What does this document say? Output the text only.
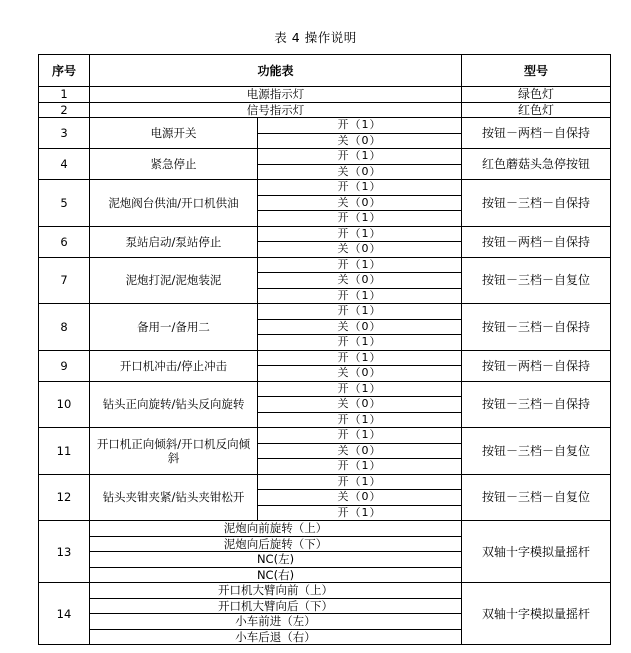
表 4 操作说明
序号	功能表		型号
1	电源指示灯		绿色灯
2	信号指示灯		红色灯
3	电源开关	开（1）	按钮－两档－自保持
		关（0）	
4	紧急停止	开（1）	红色蘑菇头急停按钮
		关（0）	
5	泥炮阀台供油/开口机供油	开（1）	按钮－三档－自保持
		关（0）	
		开（1）	
6	泵站启动/泵站停止	开（1）	按钮－两档－自保持
		关（0）	
7	泥炮打泥/泥炮装泥	开（1）	按钮－三档－自复位
		关（0）	
		开（1）	
8	备用一/备用二	开（1）	按钮－三档－自保持
		关（0）	
		开（1）	
9	开口机冲击/停止冲击	开（1）	按钮－两档－自保持
		关（0）	
10	钻头正向旋转/钻头反向旋转	开（1）	按钮－三档－自保持
		关（0）	
		开（1）	
11	开口机正向倾斜/开口机反向倾斜	开（1）	按钮－三档－自复位
		关（0）	
		开（1）	
12	钻头夹钳夹紧/钻头夹钳松开	开（1）	按钮－三档－自复位
		关（0）	
		开（1）	
13	泥炮向前旋转（上）		双轴十字模拟量摇杆
	泥炮向后旋转（下）		
	NC(左)		
	NC(右)		
14	开口机大臂向前（上）		双轴十字模拟量摇杆
	开口机大臂向后（下）		
	小车前进（左）		
	小车后退（右）		
